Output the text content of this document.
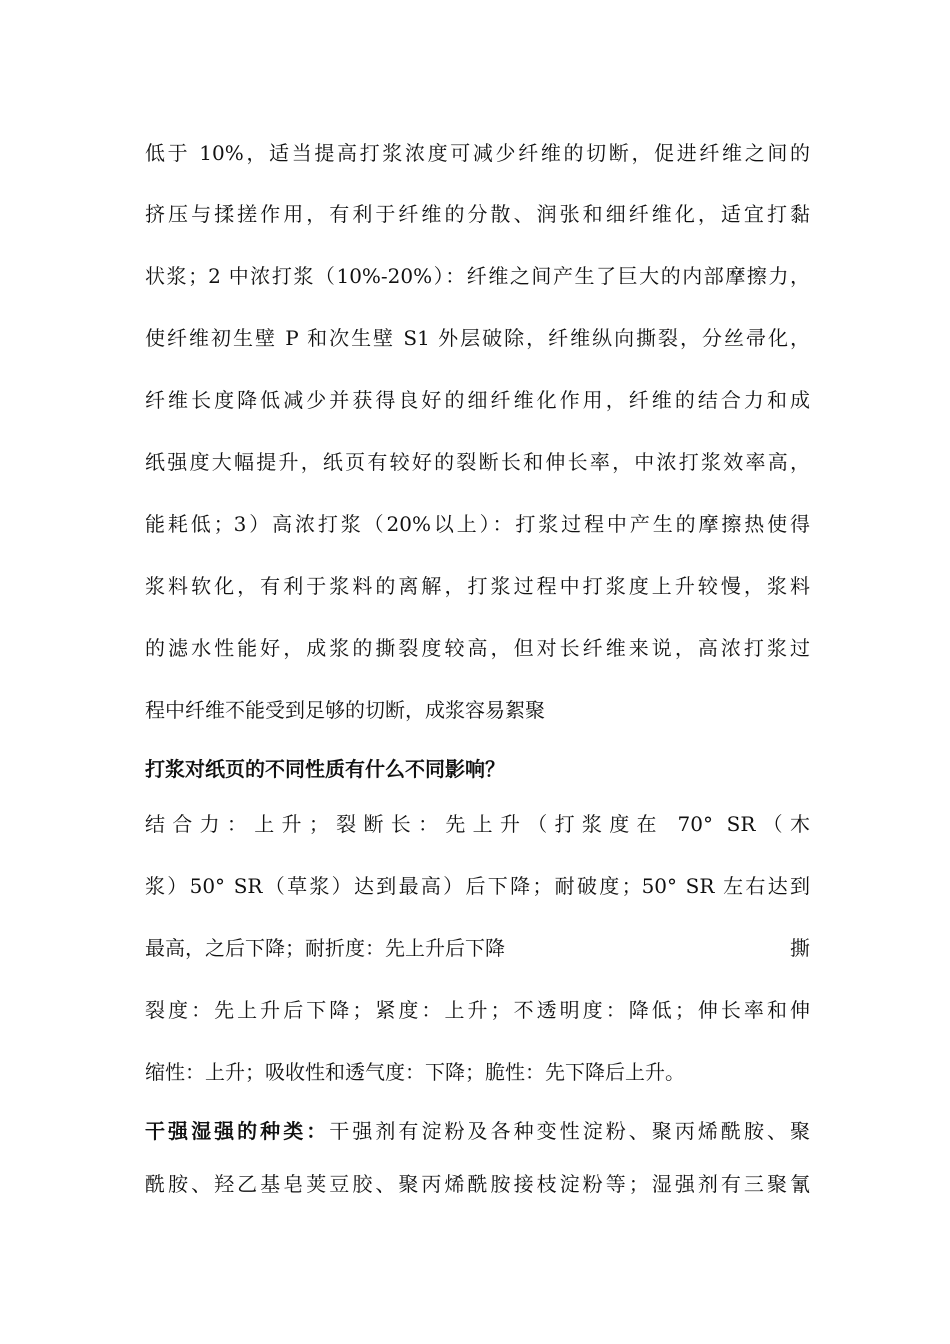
低于 10%，适当提高打浆浓度可减少纤维的切断，促进纤维之间的
挤压与揉搓作用，有利于纤维的分散、润张和细纤维化，适宜打黏
状浆；2 中浓打浆（10%-20%）：纤维之间产生了巨大的内部摩擦力，
使纤维初生壁 P 和次生壁 S1 外层破除，纤维纵向撕裂，分丝帚化，
纤维长度降低减少并获得良好的细纤维化作用，纤维的结合力和成
纸强度大幅提升，纸页有较好的裂断长和伸长率，中浓打浆效率高，
能耗低；3）高浓打浆（20%以上）：打浆过程中产生的摩擦热使得
浆料软化，有利于浆料的离解，打浆过程中打浆度上升较慢，浆料
的滤水性能好，成浆的撕裂度较高，但对长纤维来说，高浓打浆过
程中纤维不能受到足够的切断，成浆容易絮聚
打浆对纸页的不同性质有什么不同影响？
结合力：上升；裂断长：先上升（打浆度在 70° SR（木
浆）50° SR（草浆）达到最高）后下降；耐破度；50° SR 左右达到
最高，之后下降；耐折度：先上升后下降	撕
裂度：先上升后下降；紧度：上升；不透明度：降低；伸长率和伸
缩性：上升；吸收性和透气度：下降；脆性：先下降后上升。
干强湿强的种类：干强剂有淀粉及各种变性淀粉、聚丙烯酰胺、聚
酰胺、羟乙基皂荚豆胶、聚丙烯酰胺接枝淀粉等；湿强剂有三聚氰
